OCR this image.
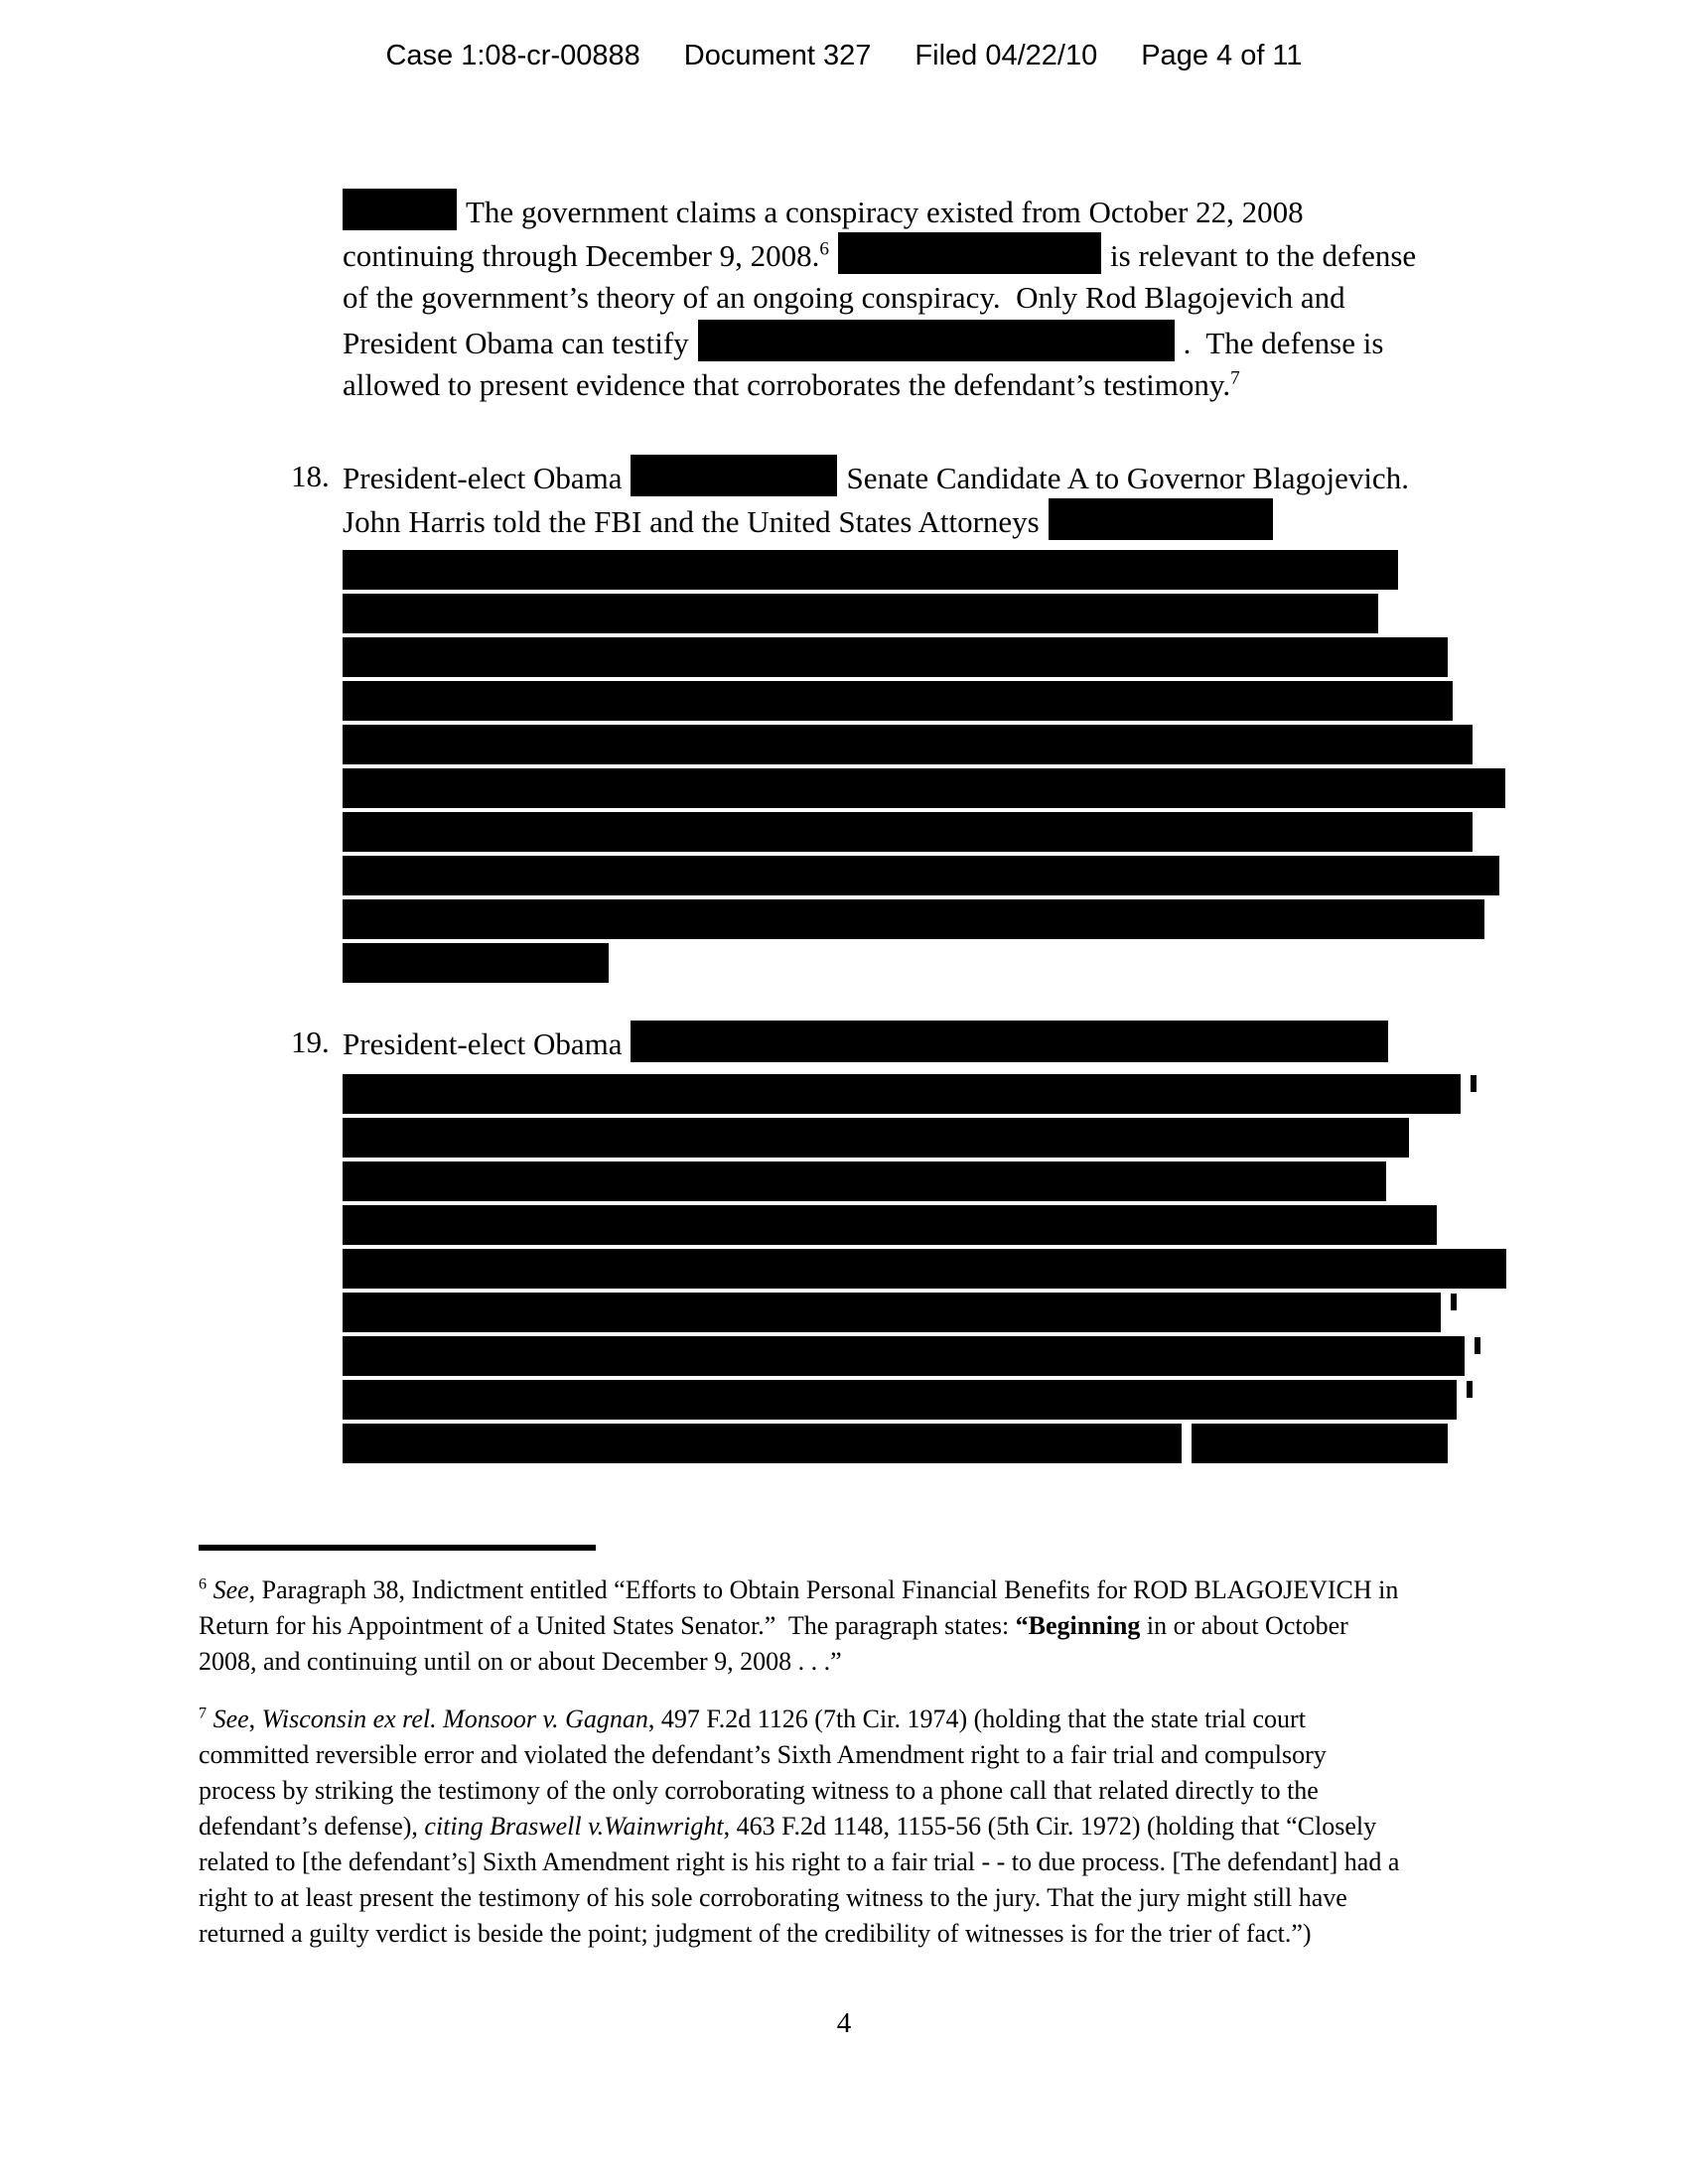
Case 1:08-cr-00888 Document 327 Filed 04/22/10 Page 4 of 11
The government claims a conspiracy existed from October 22, 2008
continuing through December 9, 2008.$^6$	is relevant to the defense
of the government’s theory of an ongoing conspiracy.  Only Rod Blagojevich and
President Obama can testify	.  The defense is
allowed to present evidence that corroborates the defendant’s testimony.$^7$
18. President-elect Obama	Senate Candidate A to Governor Blagojevich.
John Harris told the FBI and the United States Attorneys
19. President-elect Obama
$^6$ See, Paragraph 38, Indictment entitled “Efforts to Obtain Personal Financial Benefits for ROD BLAGOJEVICH in
Return for his Appointment of a United States Senator.”  The paragraph states: “Beginning in or about October
2008, and continuing until on or about December 9, 2008 . . .”
$^7$ See, Wisconsin ex rel. Monsoor v. Gagnan, 497 F.2d 1126 (7th Cir. 1974) (holding that the state trial court
committed reversible error and violated the defendant’s Sixth Amendment right to a fair trial and compulsory
process by striking the testimony of the only corroborating witness to a phone call that related directly to the
defendant’s defense), citing Braswell v.Wainwright, 463 F.2d 1148, 1155-56 (5th Cir. 1972) (holding that “Closely
related to [the defendant’s] Sixth Amendment right is his right to a fair trial - - to due process. [The defendant] had a
right to at least present the testimony of his sole corroborating witness to the jury. That the jury might still have
returned a guilty verdict is beside the point; judgment of the credibility of witnesses is for the trier of fact.”)
4
